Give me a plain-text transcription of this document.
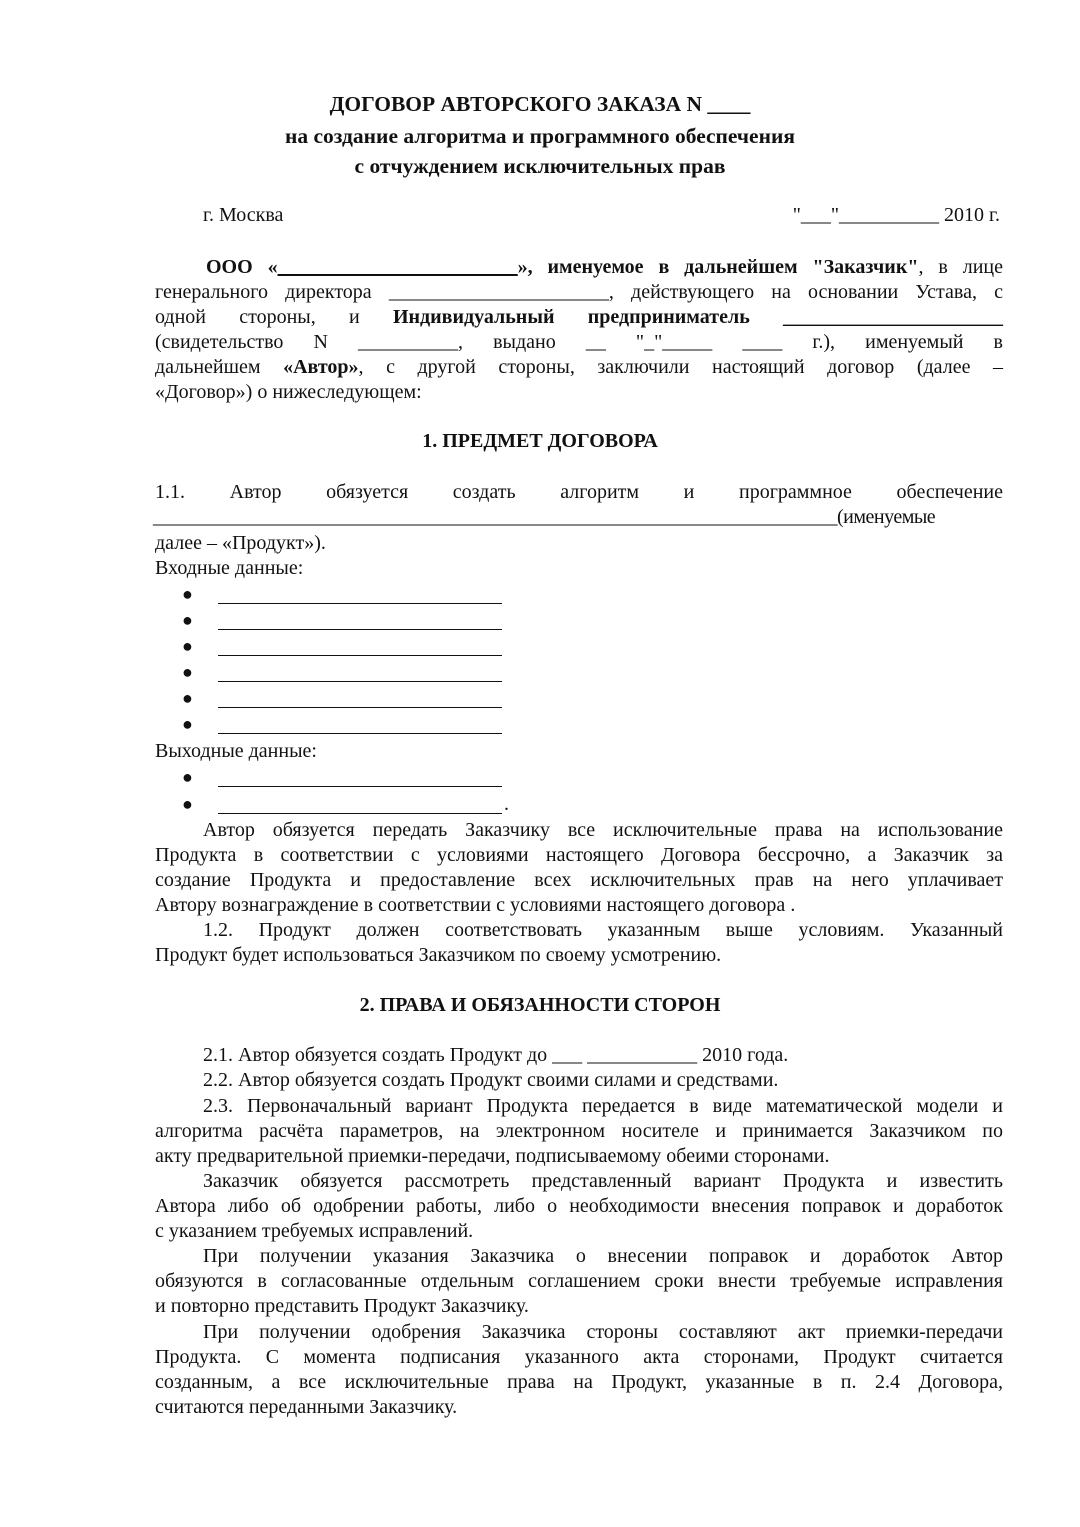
ДОГОВОР АВТОРСКОГО ЗАКАЗА N ____
на создание алгоритма и программного обеспечения
с отчуждением исключительных прав
г. Москва	"___"__________ 2010 г.
ООО «________________________», именуемое в дальнейшем "Заказчик", в лице
генерального директора ______________________, действующего на основании Устава, с
одной стороны, и Индивидуальный предприниматель ______________________
(свидетельство N __________, выдано __ "_"_____ ____ г.), именуемый в
дальнейшем «Автор», с другой стороны, заключили настоящий договор (далее –
«Договор») о нижеследующем:
1. ПРЕДМЕТ ДОГОВОРА
1.1. Автор обязуется создать алгоритм и программное обеспечение
________________________________________________________________________(именуемые
далее – «Продукт»).
Входные данные:
●
●
●
●
●
●
Выходные данные:
●
●	.
Автор обязуется передать Заказчику все исключительные права на использование
Продукта в соответствии с условиями настоящего Договора бессрочно, а Заказчик за
создание Продукта и предоставление всех исключительных прав на него уплачивает
Автору вознаграждение в соответствии с условиями настоящего договора .
1.2. Продукт должен соответствовать указанным выше условиям. Указанный
Продукт будет использоваться Заказчиком по своему усмотрению.
2. ПРАВА И ОБЯЗАННОСТИ СТОРОН
2.1. Автор обязуется создать Продукт до ___ ___________ 2010 года.
2.2. Автор обязуется создать Продукт своими силами и средствами.
2.3. Первоначальный вариант Продукта передается в виде математической модели и
алгоритма расчёта параметров, на электронном носителе и принимается Заказчиком по
акту предварительной приемки-передачи, подписываемому обеими сторонами.
Заказчик обязуется рассмотреть представленный вариант Продукта и известить
Автора либо об одобрении работы, либо о необходимости внесения поправок и доработок
с указанием требуемых исправлений.
При получении указания Заказчика о внесении поправок и доработок Автор
обязуются в согласованные отдельным соглашением сроки внести требуемые исправления
и повторно представить Продукт Заказчику.
При получении одобрения Заказчика стороны составляют акт приемки-передачи
Продукта. С момента подписания указанного акта сторонами, Продукт считается
созданным, а все исключительные права на Продукт, указанные в п. 2.4 Договора,
считаются переданными Заказчику.
